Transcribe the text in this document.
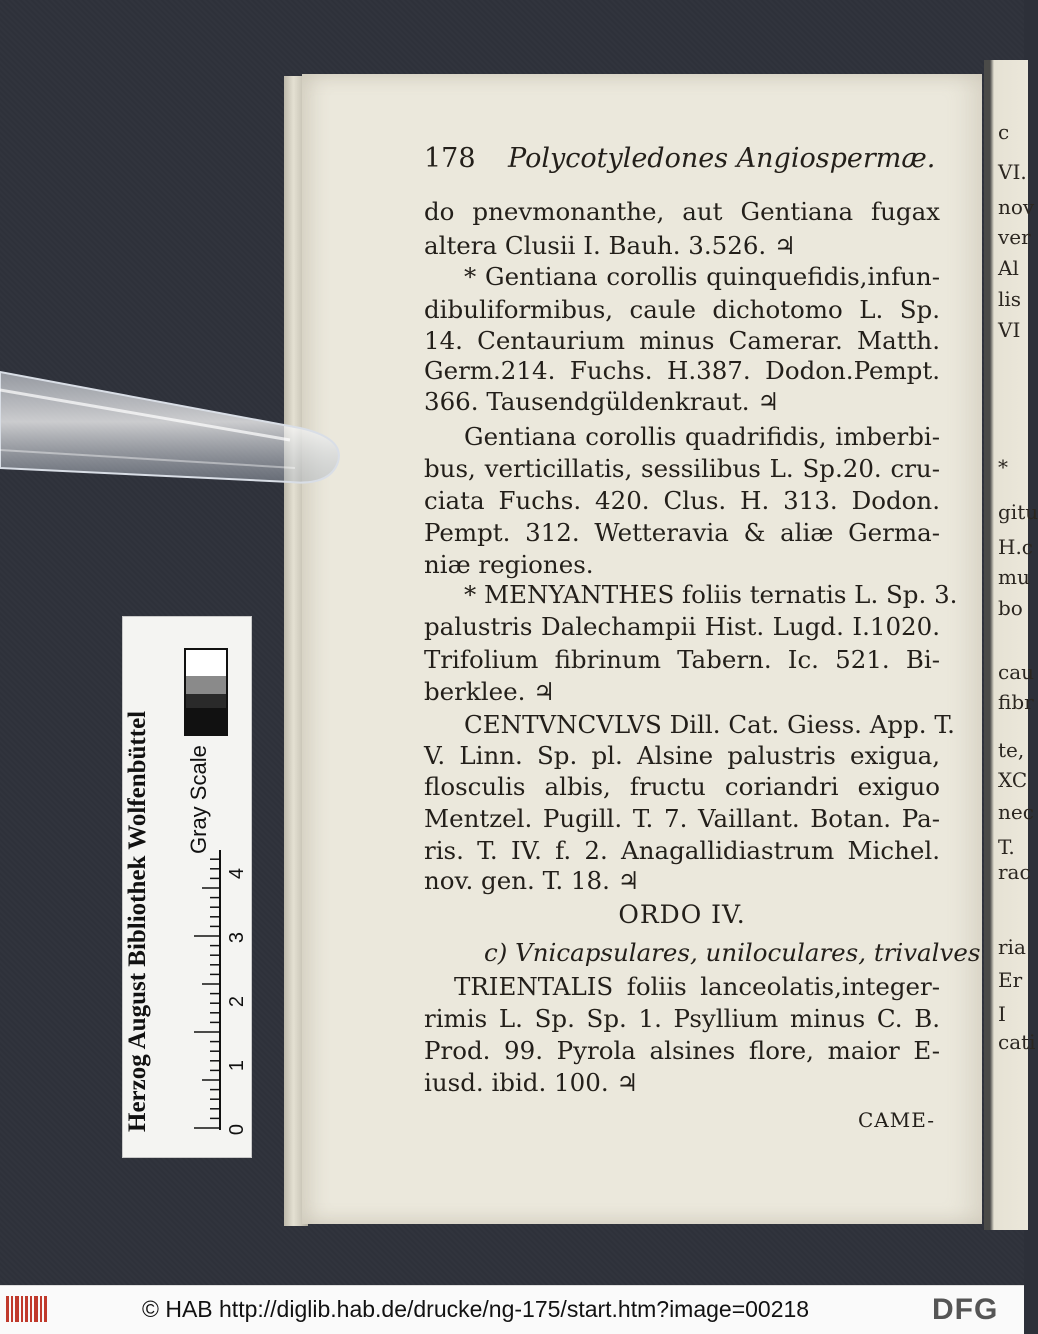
c
VI.
nov
ver
Al
lis
VI
*
gitu
H.c
mu
bo
cau
fibr
te,
XC
nec
T.
rac
ria
Er
I
cati
178 Polycotyledones Angiospermæ.
do pnevmonanthe, aut Gentiana fugax
altera Clusii I. Bauh. 3.526. ♃
* Gentiana corollis quinquefidis,infun-
dibuliformibus, caule dichotomo L. Sp.
14. Centaurium minus Camerar. Matth.
Germ.214. Fuchs. H.387. Dodon.Pempt.
366. Tausendgüldenkraut. ♃
Gentiana corollis quadrifidis, imberbi-
bus, verticillatis, sessilibus L. Sp.20. cru-
ciata Fuchs. 420. Clus. H. 313. Dodon.
Pempt. 312. Wetteravia & aliæ Germa-
niæ regiones.
* MENYANTHES foliis ternatis L. Sp. 3.
palustris Dalechampii Hist. Lugd. I.1020.
Trifolium fibrinum Tabern. Ic. 521. Bi-
berklee. ♃
CENTVNCVLVS Dill. Cat. Giess. App. T.
V. Linn. Sp. pl. Alsine palustris exigua,
flosculis albis, fructu coriandri exiguo
Mentzel. Pugill. T. 7. Vaillant. Botan. Pa-
ris. T. IV. f. 2. Anagallidiastrum Michel.
nov. gen. T. 18. ♃
ORDO IV.
c) Vnicapsulares, uniloculares, trivalves
TRIENTALIS foliis lanceolatis,integer-
rimis L. Sp. Sp. 1. Psyllium minus C. B.
Prod. 99. Pyrola alsines flore, maior E-
iusd. ibid. 100. ♃
CAME-
Herzog August Bibliothek Wolfenbüttel	Gray Scale
0
1
2
3
4
© HAB http://diglib.hab.de/drucke/ng-175/start.htm?image=00218	DFG
